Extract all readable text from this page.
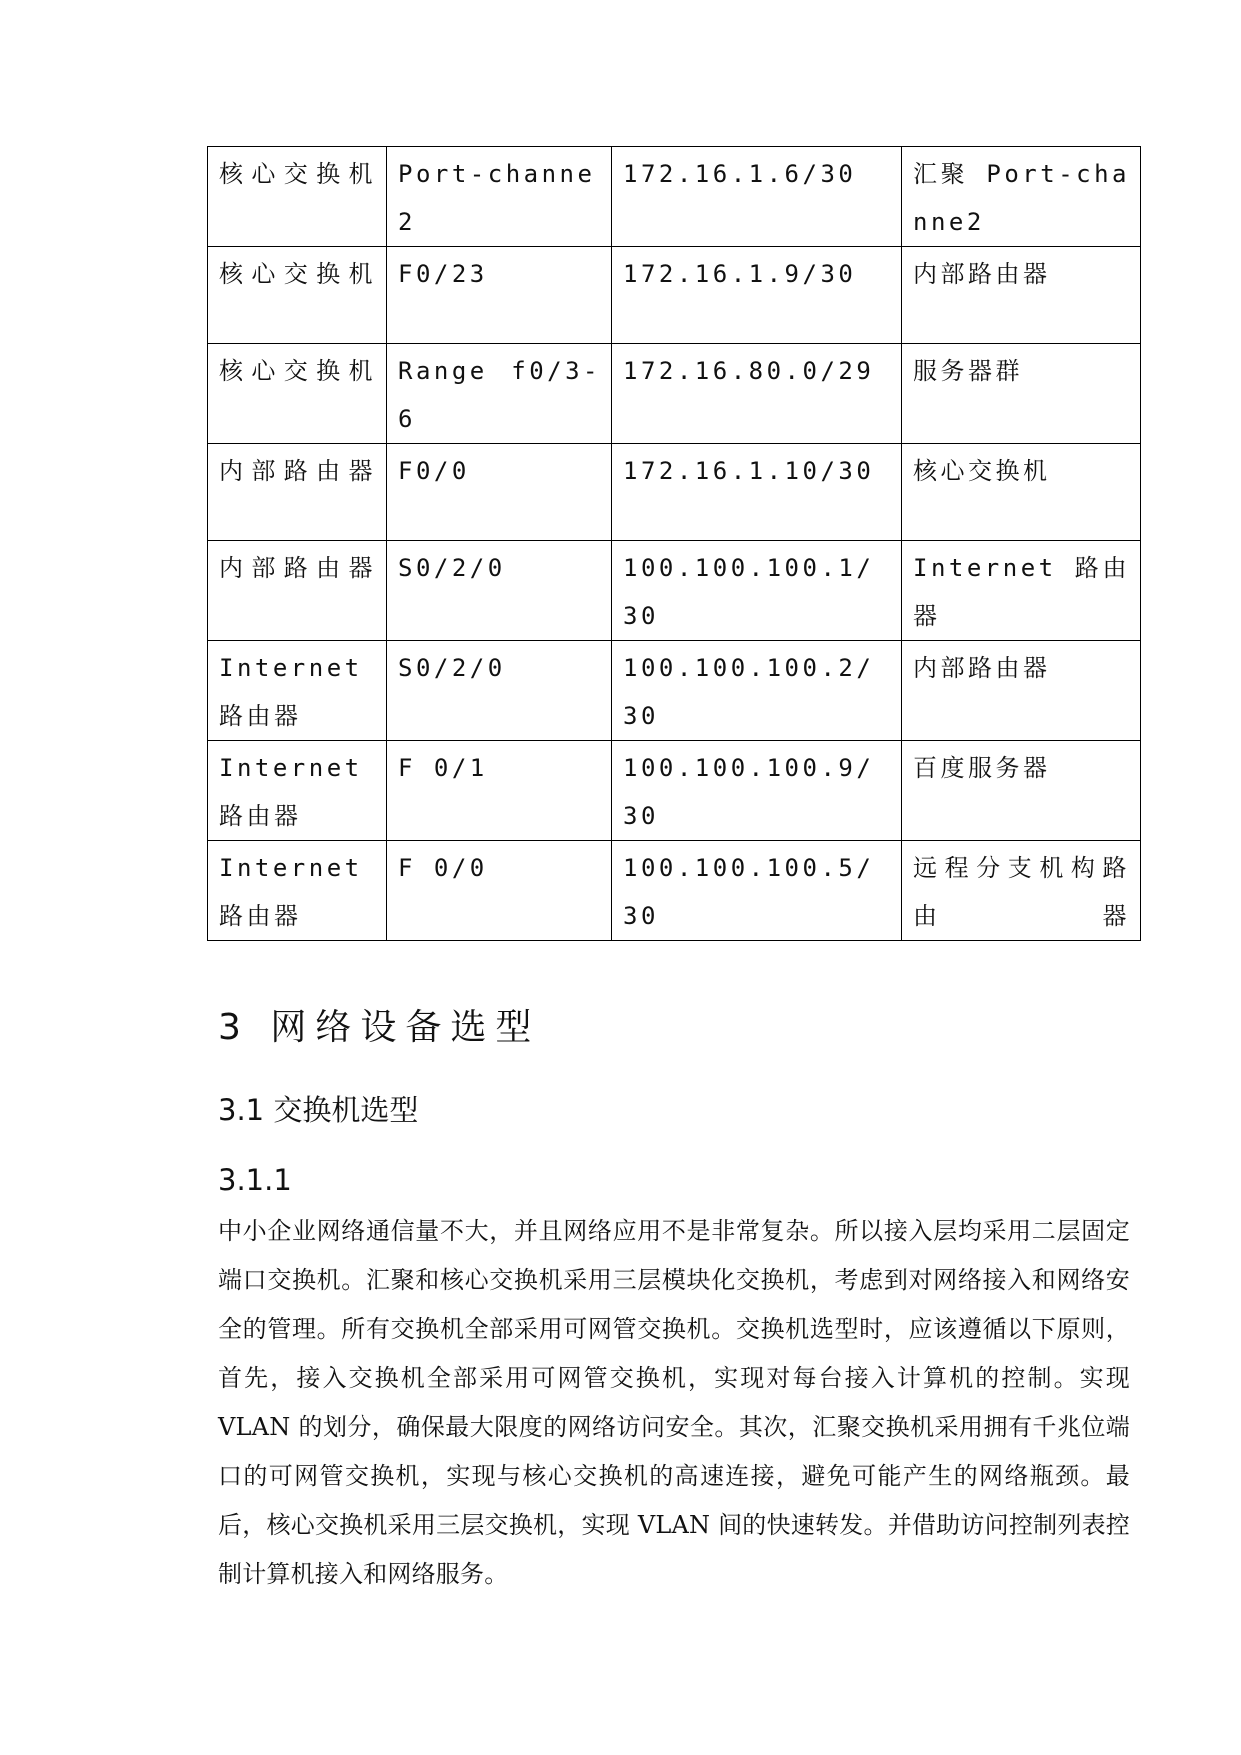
核心交换机	Port-channe2	172.16.1.6/30	汇聚 Port-channe2
核心交换机	F0/23	172.16.1.9/30	内部路由器
核心交换机	Range f0/3-6	172.16.80.0/29	服务器群
内部路由器	F0/0	172.16.1.10/30	核心交换机
内部路由器	S0/2/0	100.100.100.1/30	Internet 路由器
Internet 路由器	S0/2/0	100.100.100.2/30	内部路由器
Internet 路由器	F 0/1	100.100.100.9/30	百度服务器
Internet 路由器	F 0/0	100.100.100.5/30	远程分支机构路由器
3 网络设备选型
3.1 交换机选型
3.1.1

中小企业网络通信量不大，并且网络应用不是非常复杂。所以接入层均采用二层固定端口交换机。汇聚和核心交换机采用三层模块化交换机，考虑到对网络接入和网络安全的管理。所有交换机全部采用可网管交换机。交换机选型时，应该遵循以下原则，首先，接入交换机全部采用可网管交换机，实现对每台接入计算机的控制。实现 VLAN 的划分，确保最大限度的网络访问安全。其次，汇聚交换机采用拥有千兆位端口的可网管交换机，实现与核心交换机的高速连接，避免可能产生的网络瓶颈。最后，核心交换机采用三层交换机，实现 VLAN 间的快速转发。并借助访问控制列表控制计算机接入和网络服务。
